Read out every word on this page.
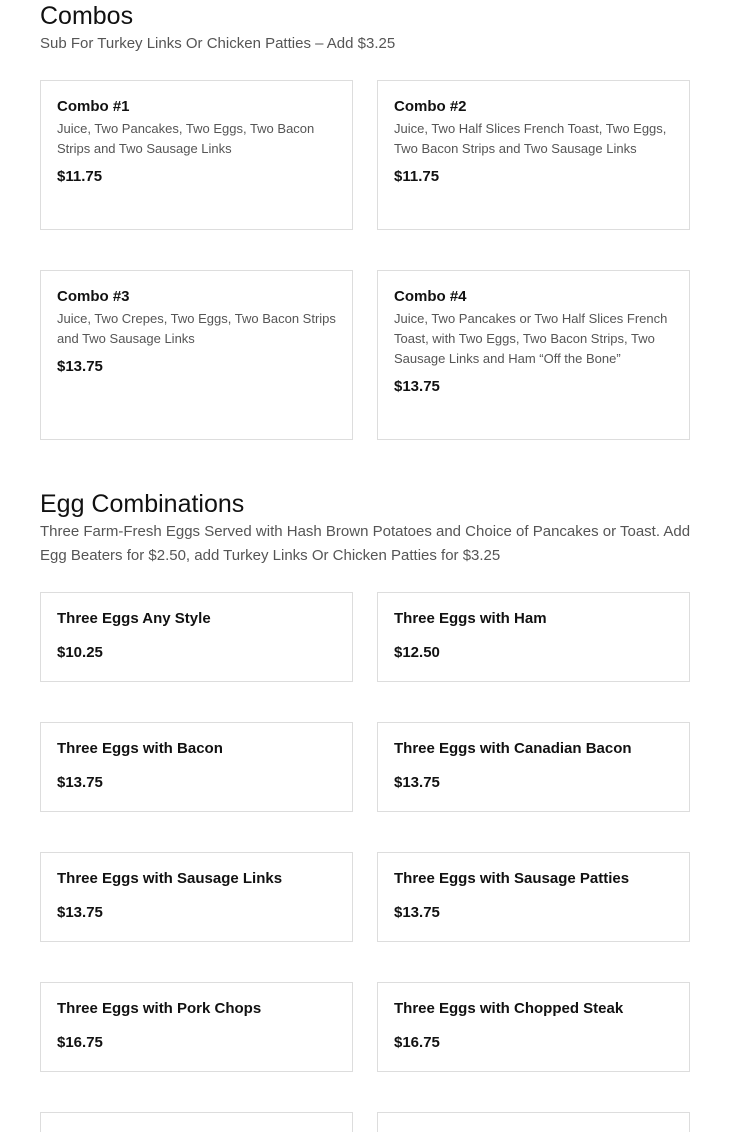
Combos

Sub For Turkey Links Or Chicken Patties – Add $3.25

Combo #1

Juice, Two Pancakes, Two Eggs, Two Bacon Strips and Two Sausage Links

$11.75

Combo #2

Juice, Two Half Slices French Toast, Two Eggs, Two Bacon Strips and Two Sausage Links

$11.75

Combo #3

Juice, Two Crepes, Two Eggs, Two Bacon Strips and Two Sausage Links

$13.75

Combo #4

Juice, Two Pancakes or Two Half Slices French Toast, with Two Eggs, Two Bacon Strips, Two Sausage Links and Ham “Off the Bone”

$13.75

Egg Combinations

Three Farm-Fresh Eggs Served with Hash Brown Potatoes and Choice of Pancakes or Toast. Add Egg Beaters for $2.50, add Turkey Links Or Chicken Patties for $3.25

Three Eggs Any Style

$10.25

Three Eggs with Ham

$12.50

Three Eggs with Bacon

$13.75

Three Eggs with Canadian Bacon

$13.75

Three Eggs with Sausage Links

$13.75

Three Eggs with Sausage Patties

$13.75

Three Eggs with Pork Chops

$16.75

Three Eggs with Chopped Steak

$16.75
